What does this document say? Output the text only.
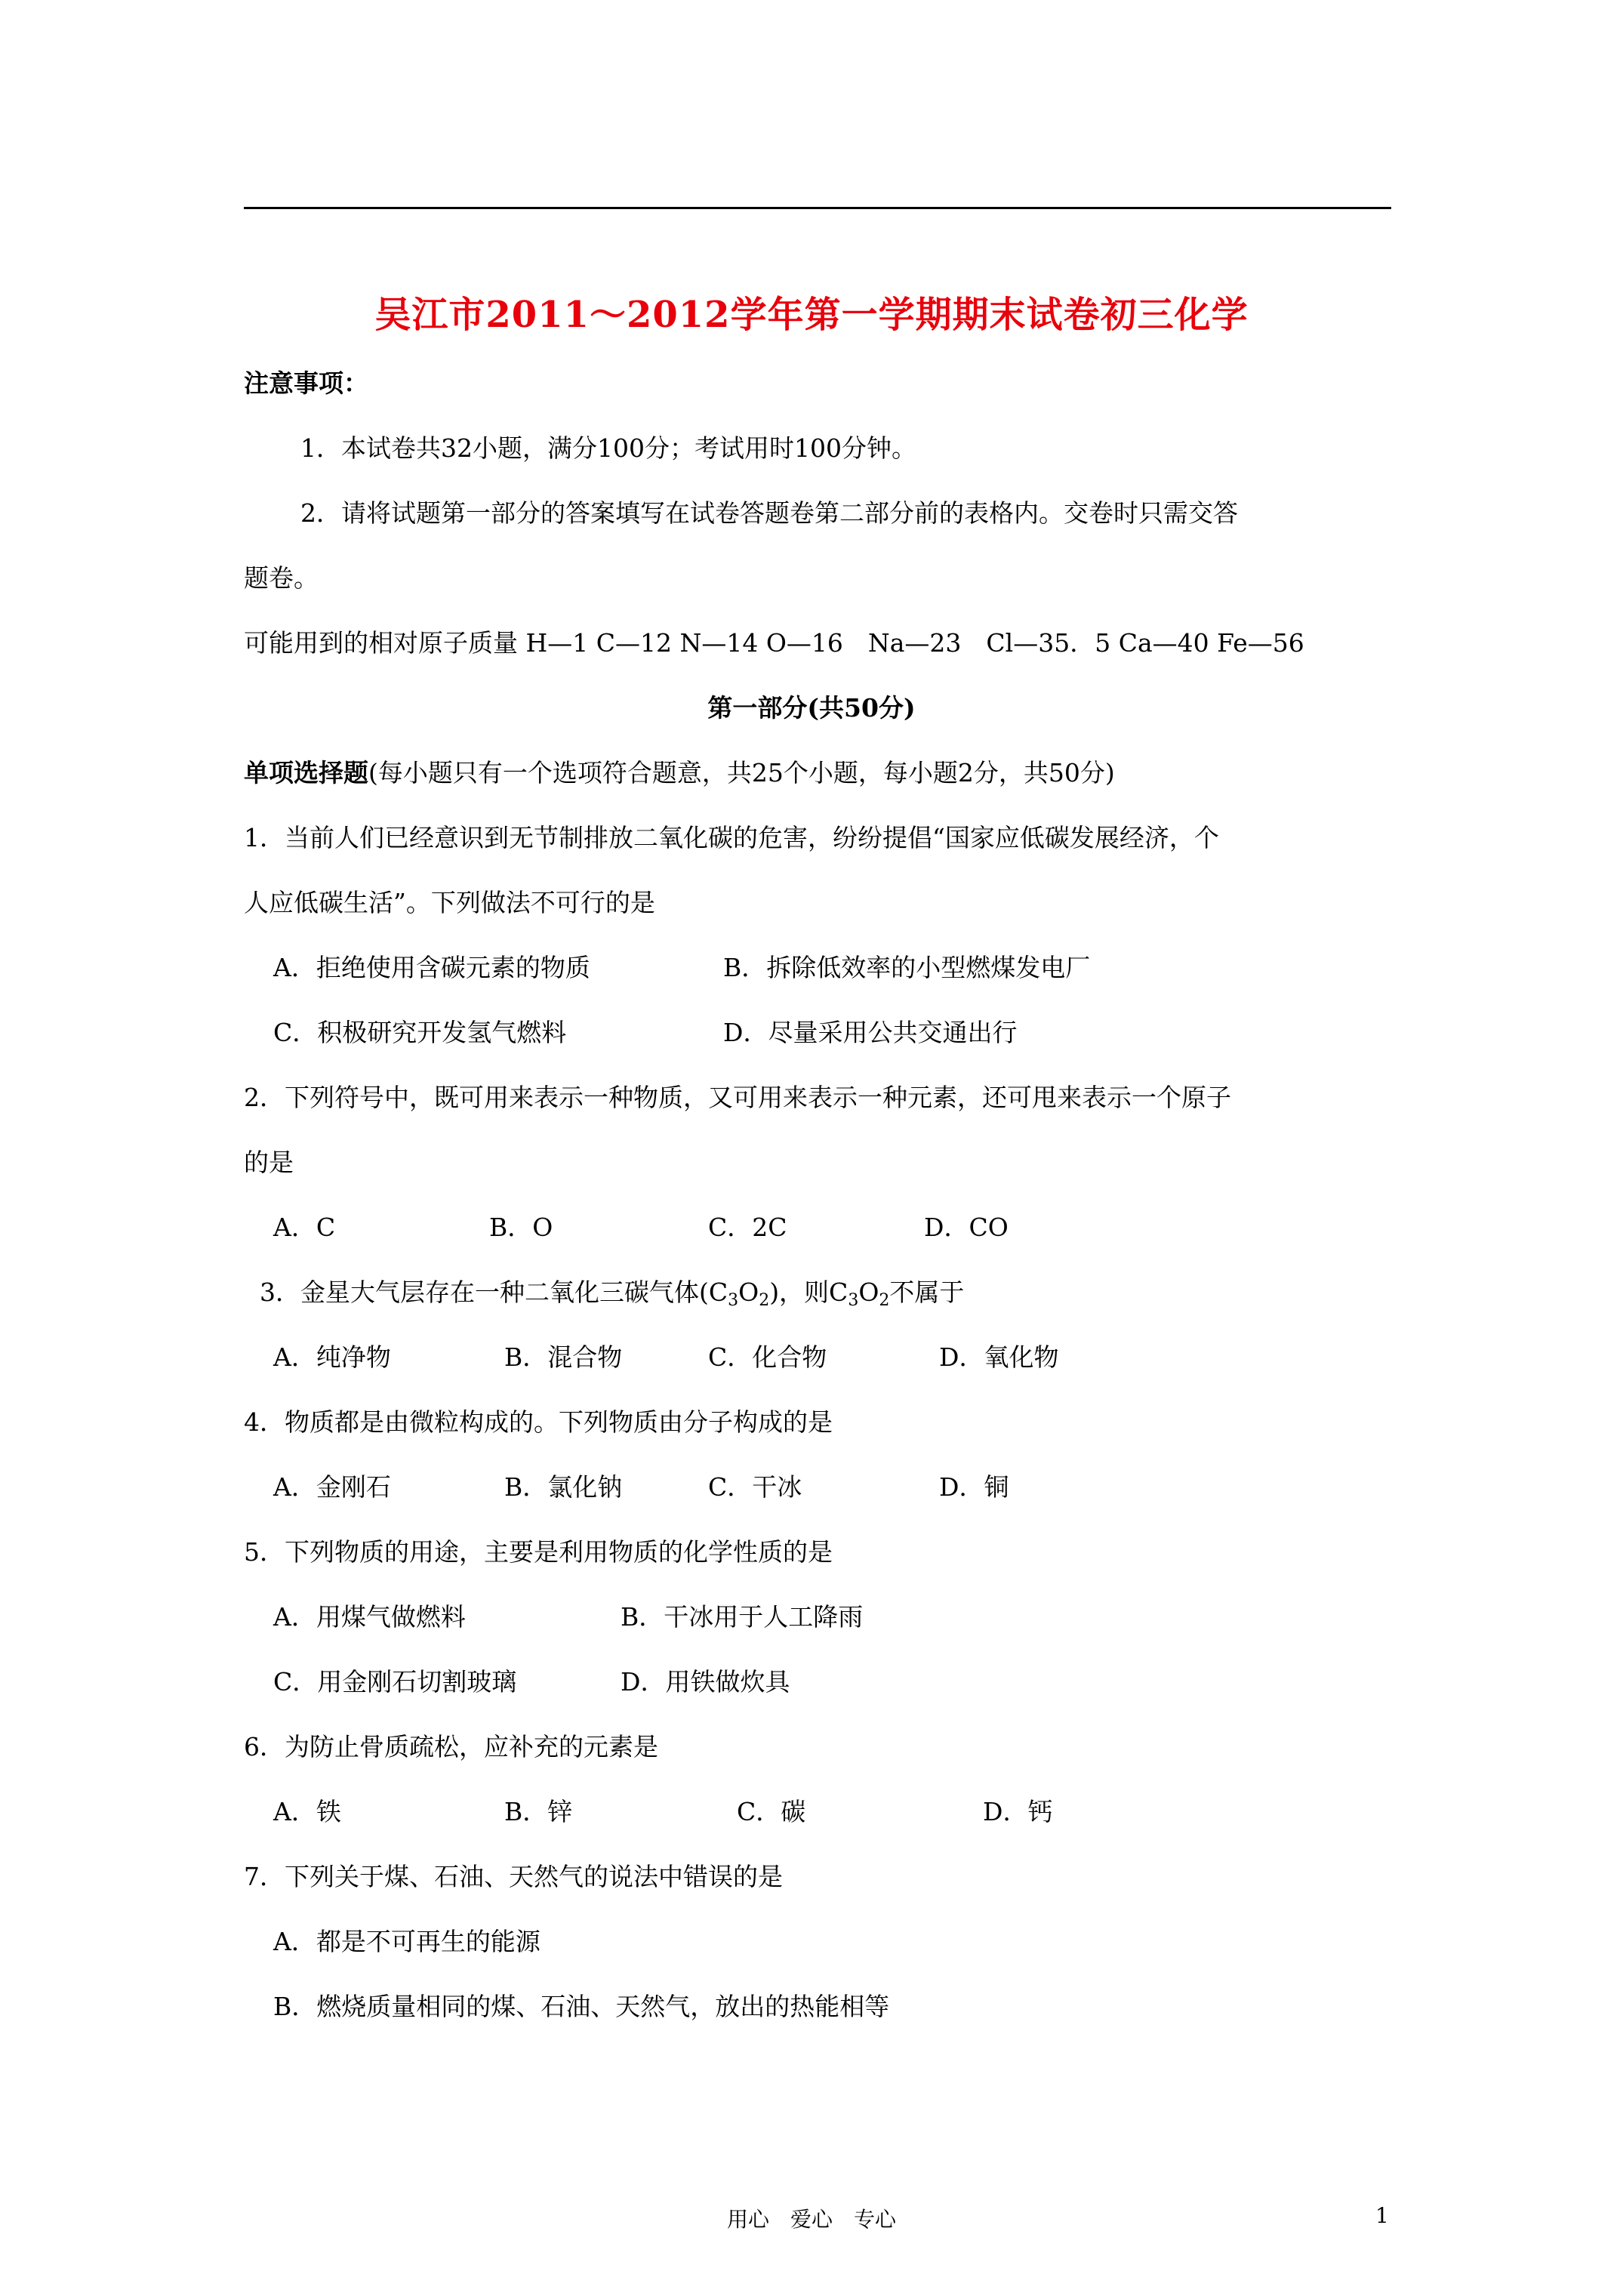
吴江市2011～2012学年第一学期期末试卷初三化学
注意事项：
1．本试卷共32小题，满分100分；考试用时100分钟。
2．请将试题第一部分的答案填写在试卷答题卷第二部分前的表格内。交卷时只需交答
题卷。
可能用到的相对原子质量 H—1 C—12 N—14 O—16　Na—23　Cl—35．5 Ca—40 Fe—56
第一部分(共50分)
单项选择题(每小题只有一个选项符合题意，共25个小题，每小题2分，共50分)
1．当前人们已经意识到无节制排放二氧化碳的危害，纷纷提倡“国家应低碳发展经济，个
人应低碳生活”。下列做法不可行的是
A．拒绝使用含碳元素的物质	B．拆除低效率的小型燃煤发电厂
C．积极研究开发氢气燃料	D．尽量采用公共交通出行
2．下列符号中，既可用来表示一种物质，又可用来表示一种元素，还可甩来表示一个原子
的是
A．C	B．O	C．2C	D．CO
3．金星大气层存在一种二氧化三碳气体$(C_3O_2)$，则$C_3O_2$不属于
A．纯净物	B．混合物	C．化合物	D．氧化物
4．物质都是由微粒构成的。下列物质由分子构成的是
A．金刚石	B．氯化钠	C．干冰	D．铜
5．下列物质的用途，主要是利用物质的化学性质的是
A．用煤气做燃料	B．干冰用于人工降雨
C．用金刚石切割玻璃	D．用铁做炊具
6．为防止骨质疏松，应补充的元素是
A．铁	B．锌	C．碳	D．钙
7．下列关于煤、石油、天然气的说法中错误的是
A．都是不可再生的能源
B．燃烧质量相同的煤、石油、天然气，放出的热能相等
用心　爱心　专心	1
